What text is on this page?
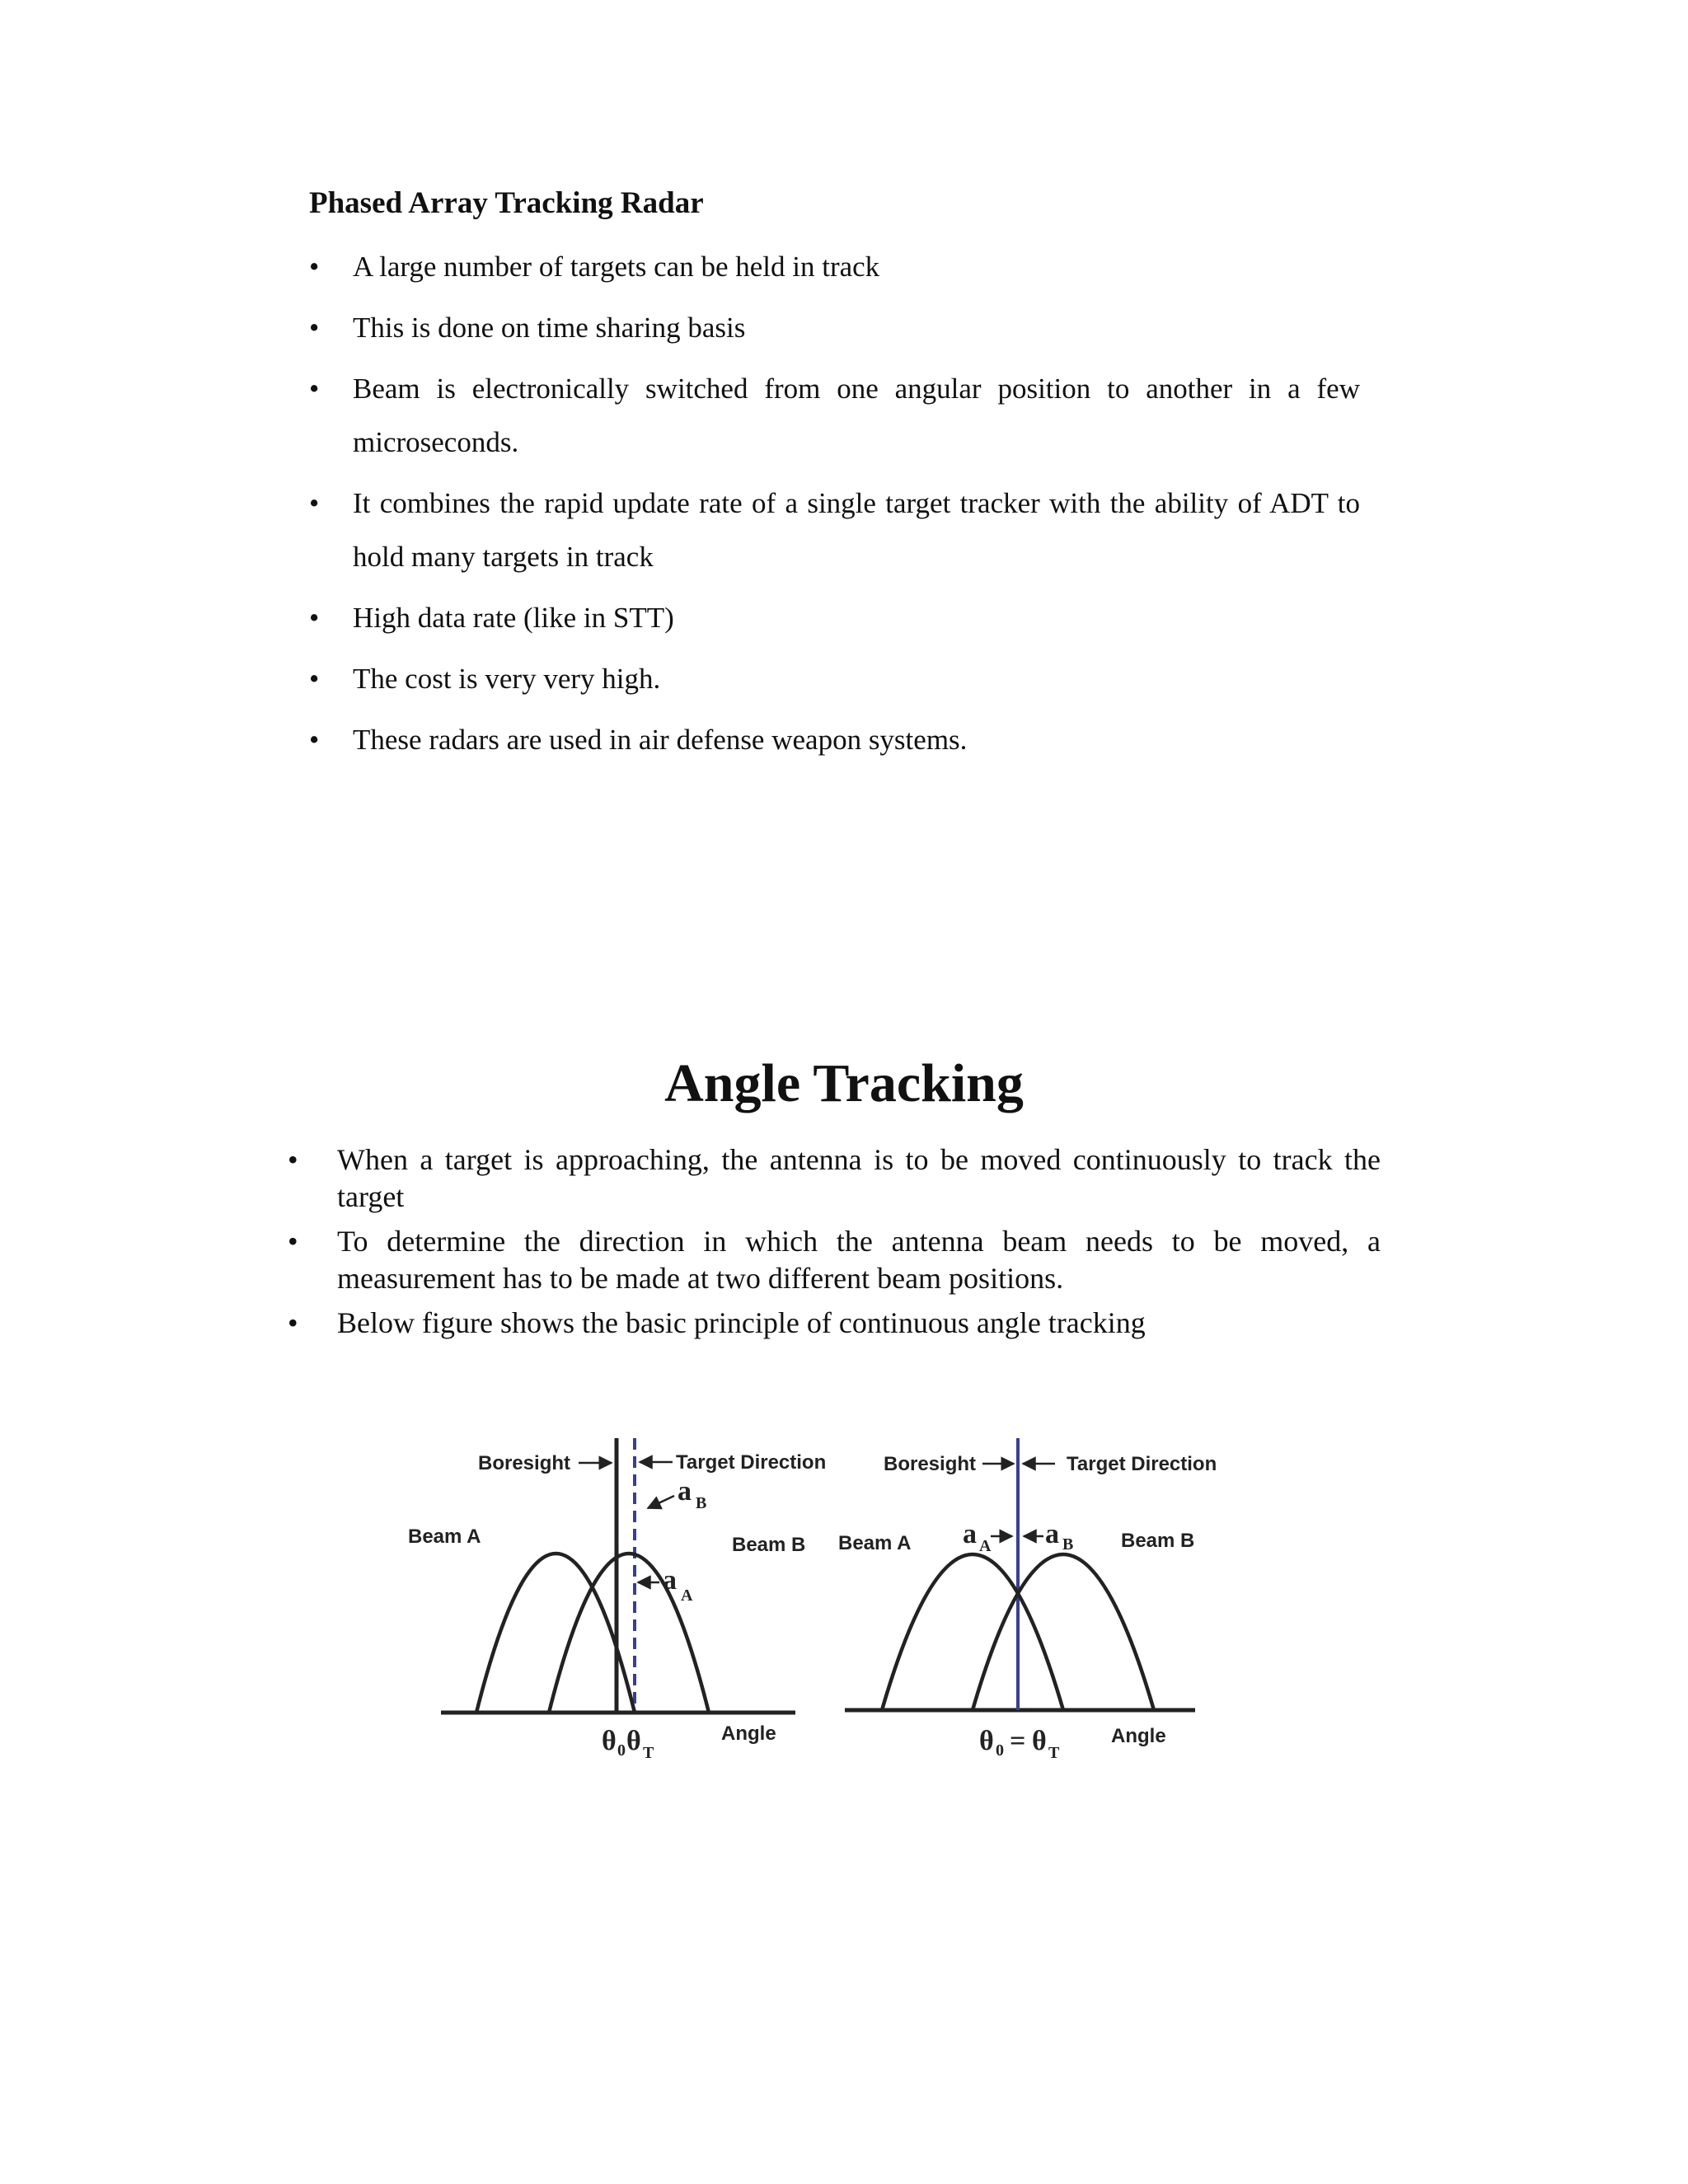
Phased Array Tracking Radar
• A large number of targets can be held in track
• This is done on time sharing basis
• Beam is electronically switched from one angular position to another in a few microseconds.
• It combines the rapid update rate of a single target tracker with the ability of ADT to hold many targets in track
• High data rate (like in STT)
• The cost is very very high.
• These radars are used in air defense weapon systems.
Angle Tracking
• When a target is approaching, the antenna is to be moved continuously to track the target
• To determine the direction in which the antenna beam needs to be moved, a measurement has to be made at two different beam positions.
• Below figure shows the basic principle of continuous angle tracking
Boresight	Target Direction
a B
Beam A	Beam B
a A
θ 0 θ T
Angle
Boresight	Target Direction
Beam A	Beam B
a A a B
θ 0 = θ T
Angle
